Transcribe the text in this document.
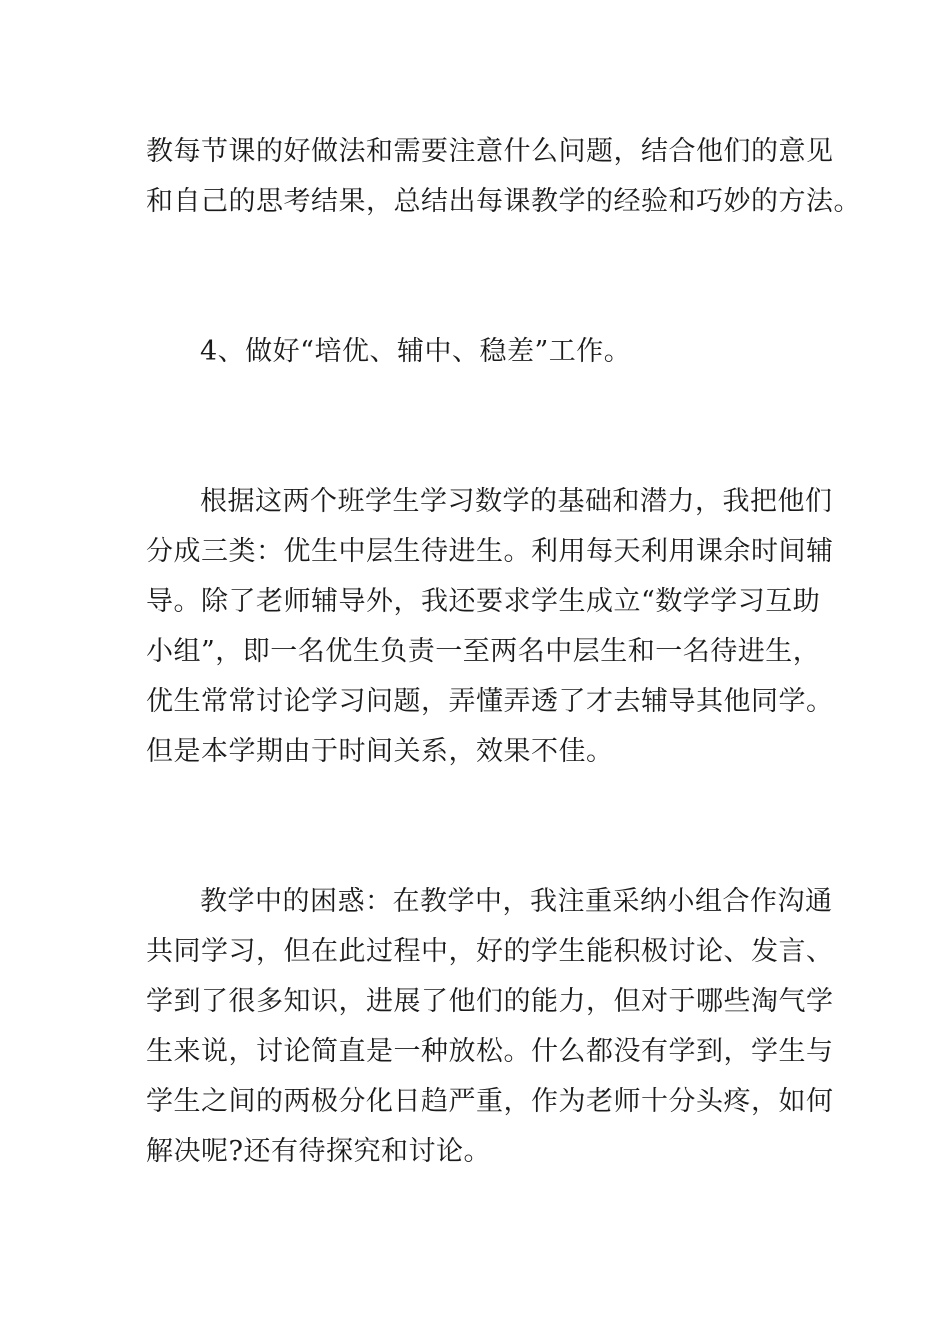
教每节课的好做法和需要注意什么问题，结合他们的意见
和自己的思考结果，总结出每课教学的经验和巧妙的方法。
4、做好“培优、辅中、稳差”工作。
根据这两个班学生学习数学的基础和潜力，我把他们
分成三类：优生中层生待进生。利用每天利用课余时间辅
导。除了老师辅导外，我还要求学生成立“数学学习互助
小组”，即一名优生负责一至两名中层生和一名待进生，
优生常常讨论学习问题，弄懂弄透了才去辅导其他同学。
但是本学期由于时间关系，效果不佳。
教学中的困惑：在教学中，我注重采纳小组合作沟通
共同学习，但在此过程中，好的学生能积极讨论、发言、
学到了很多知识，进展了他们的能力，但对于哪些淘气学
生来说，讨论简直是一种放松。什么都没有学到，学生与
学生之间的两极分化日趋严重，作为老师十分头疼，如何
解决呢?还有待探究和讨论。
